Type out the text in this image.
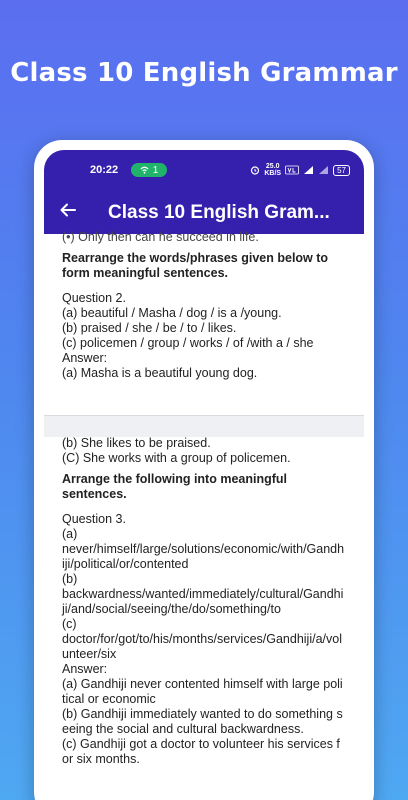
Class 10 English Grammar
20:22	1	25.0
KB/S	57
Class 10 English Gram...
(•) Only then can he succeed in life.
Rearrange the words/phrases given below to form meaningful sentences.
Question 2.
(a) beautiful / Masha / dog / is a /young.
(b) praised / she / be / to / likes.
(c) policemen / group / works / of /with a / she
Answer:
(a) Masha is a beautiful young dog.
(b) She likes to be praised.
(C) She works with a group of policemen.
Arrange the following into meaningful sentences.
Question 3.
(a)
never/himself/large/solutions/economic/with/Gandhiji/political/or/contented
(b)
backwardness/wanted/immediately/cultural/Gandhiji/and/social/seeing/the/do/something/to
(c)
doctor/for/got/to/his/months/services/Gandhiji/a/volunteer/six
Answer:
(a) Gandhiji never contented himself with large political or economic
(b) Gandhiji immediately wanted to do something seeing the social and cultural backwardness.
(c) Gandhiji got a doctor to volunteer his services for six months.
